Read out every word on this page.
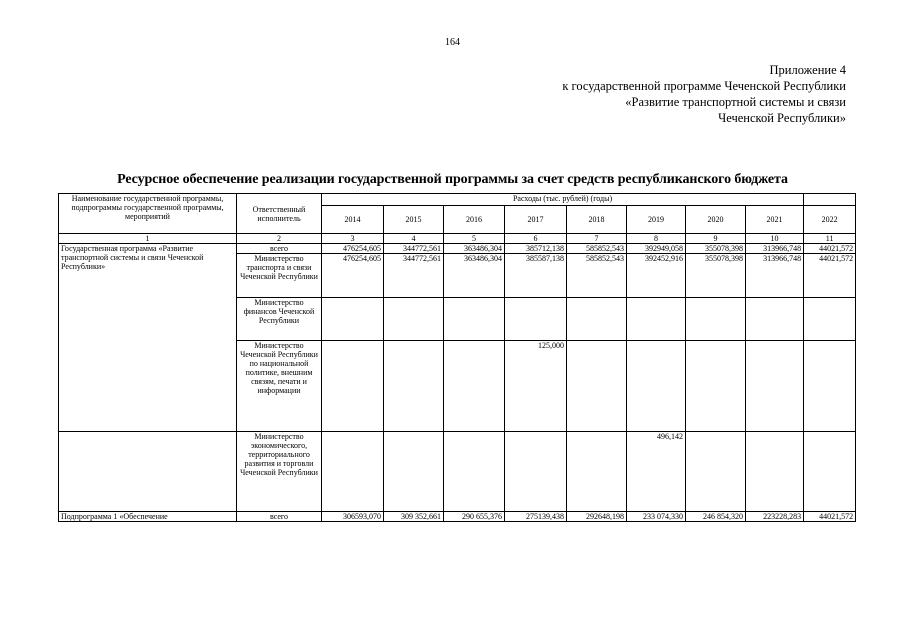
164
Приложение 4
к государственной программе Чеченской Республики
«Развитие транспортной системы и связи
Чеченской Республики»
Ресурсное обеспечение реализации государственной программы за счет средств республиканского бюджета
Наименование государственной программы, подпрограммы государственной программы, мероприятий	Ответственный исполнитель	Расходы (тыс. рублей) (годы)								
		2014	2015	2016	2017	2018	2019	2020	2021	2022
1	2	3	4	5	6	7	8	9	10	11
Государственная программа «Развитие транспортной системы и связи Чеченской Республики»	всего	476254,605	344772,561	363486,304	385712,138	585852,543	392949,058	355078,398	313966,748	44021,572
	Министерство транспорта и связи Чеченской Республики	476254,605	344772,561	363486,304	385587,138	585852,543	392452,916	355078,398	313966,748	44021,572
	Министерство финансов Чеченской Республики									
	Министерство Чеченской Республики по национальной политике, внешним связям, печати и информации				125,000					
	Министерство экономического, территориального развития и торговли Чеченской Республики						496,142			
Подпрограмма 1 «Обеспечение	всего	306593,070	309 352,661	290 655,376	275139,438	292648,198	233 074,330	246 854,320	223228,283	44021,572
